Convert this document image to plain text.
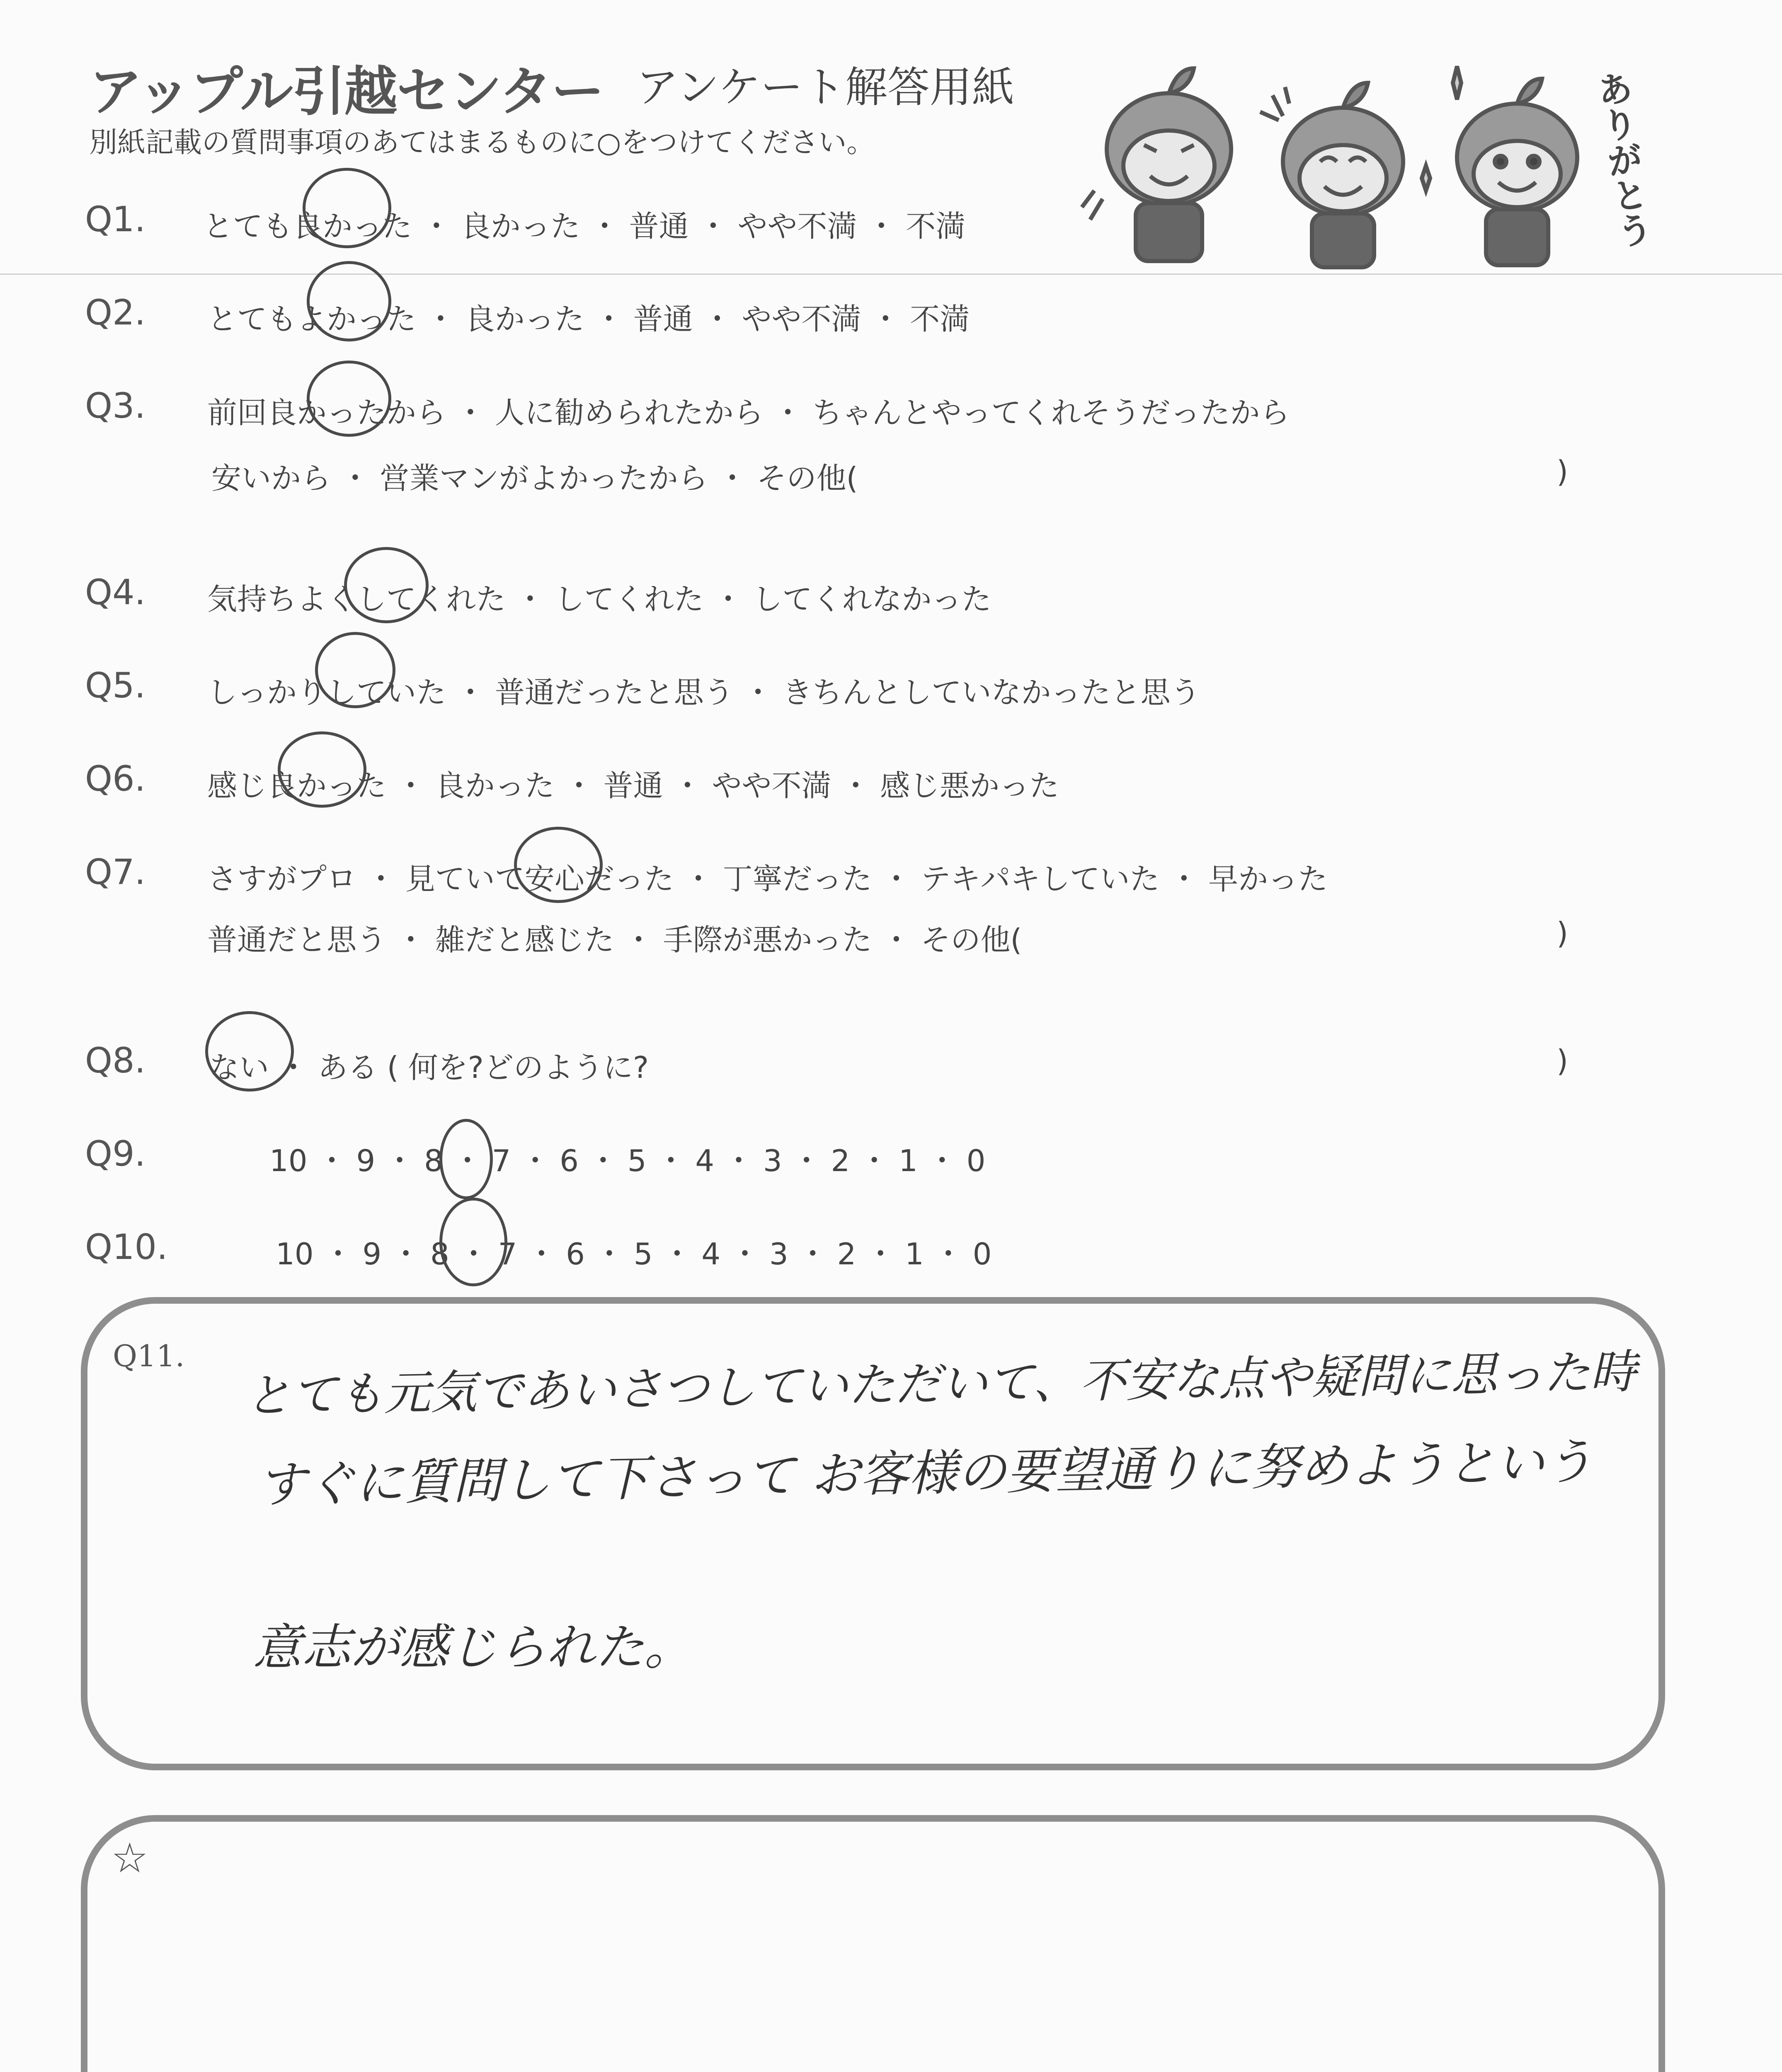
アップル引越センター アンケート解答用紙
別紙記載の質問事項のあてはまるものに○をつけてください。	ありがとう
Q1. とても良かった ・ 良かった ・ 普通 ・ やや不満 ・ 不満
Q2. とてもよかった ・ 良かった ・ 普通 ・ やや不満 ・ 不満
Q3. 前回良かったから ・ 人に勧められたから ・ ちゃんとやってくれそうだったから
安いから ・ 営業マンがよかったから ・ その他(	)
Q4. 気持ちよくしてくれた ・ してくれた ・ してくれなかった
Q5. しっかりしていた ・ 普通だったと思う ・ きちんとしていなかったと思う
Q6. 感じ良かった ・ 良かった ・ 普通 ・ やや不満 ・ 感じ悪かった
Q7. さすがプロ ・ 見ていて安心だった ・ 丁寧だった ・ テキパキしていた ・ 早かった
普通だと思う ・ 雑だと感じた ・ 手際が悪かった ・ その他(	)
Q8. ない ・ ある ( 何を?どのように?	)
Q9.	10 ・ 9 ・ 8 ・ 7 ・ 6 ・ 5 ・ 4 ・ 3 ・ 2 ・ 1 ・ 0
Q10.	10 ・ 9 ・ 8 ・ 7 ・ 6 ・ 5 ・ 4 ・ 3 ・ 2 ・ 1 ・ 0
Q11. とても元気であいさつしていただいて、不安な点や疑問に思った時
すぐに質問して下さって お客様の要望通りに努めようという
意志が感じられた。
☆
